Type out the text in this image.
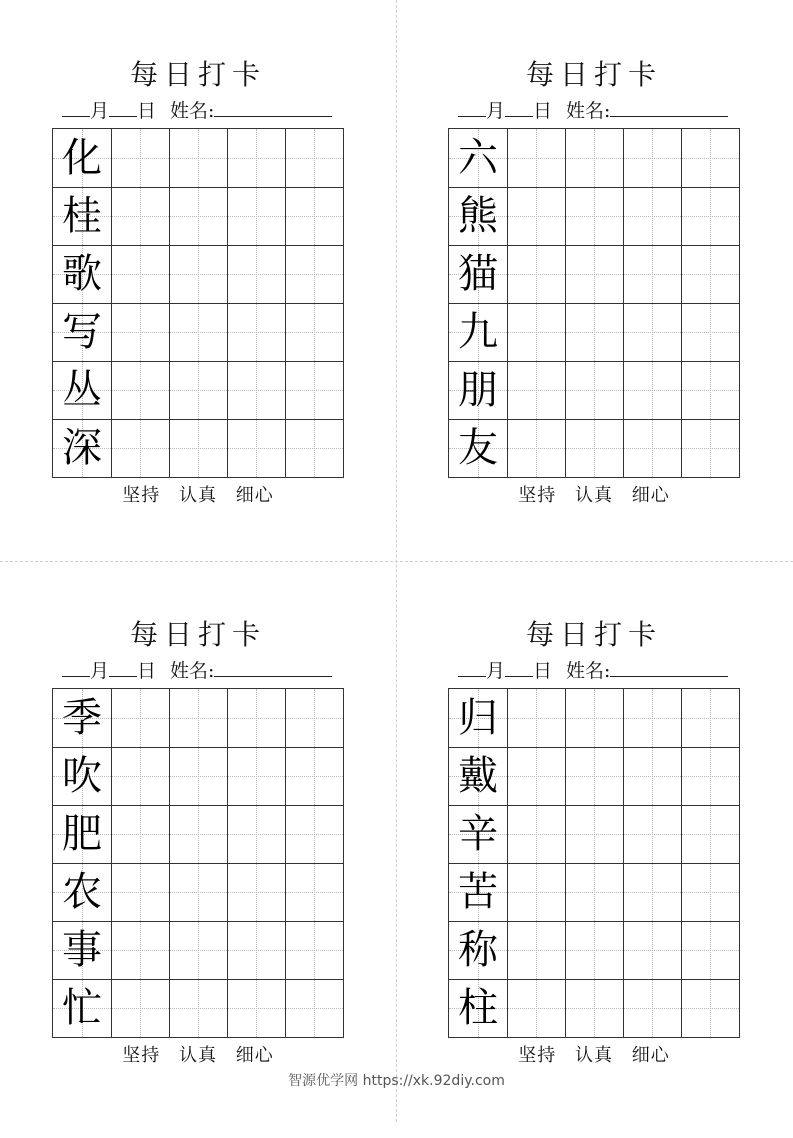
每日打卡
月 日 姓名:
化
桂
歌
写
丛
深
坚持 认真 细心
每日打卡
月 日 姓名:
六
熊
猫
九
朋
友
坚持 认真 细心
每日打卡
月 日 姓名:
季
吹
肥
农
事
忙
坚持 认真 细心
每日打卡
月 日 姓名:
归
戴
辛
苦
称
柱
坚持 认真 细心
智源优学网 https://xk.92diy.com
